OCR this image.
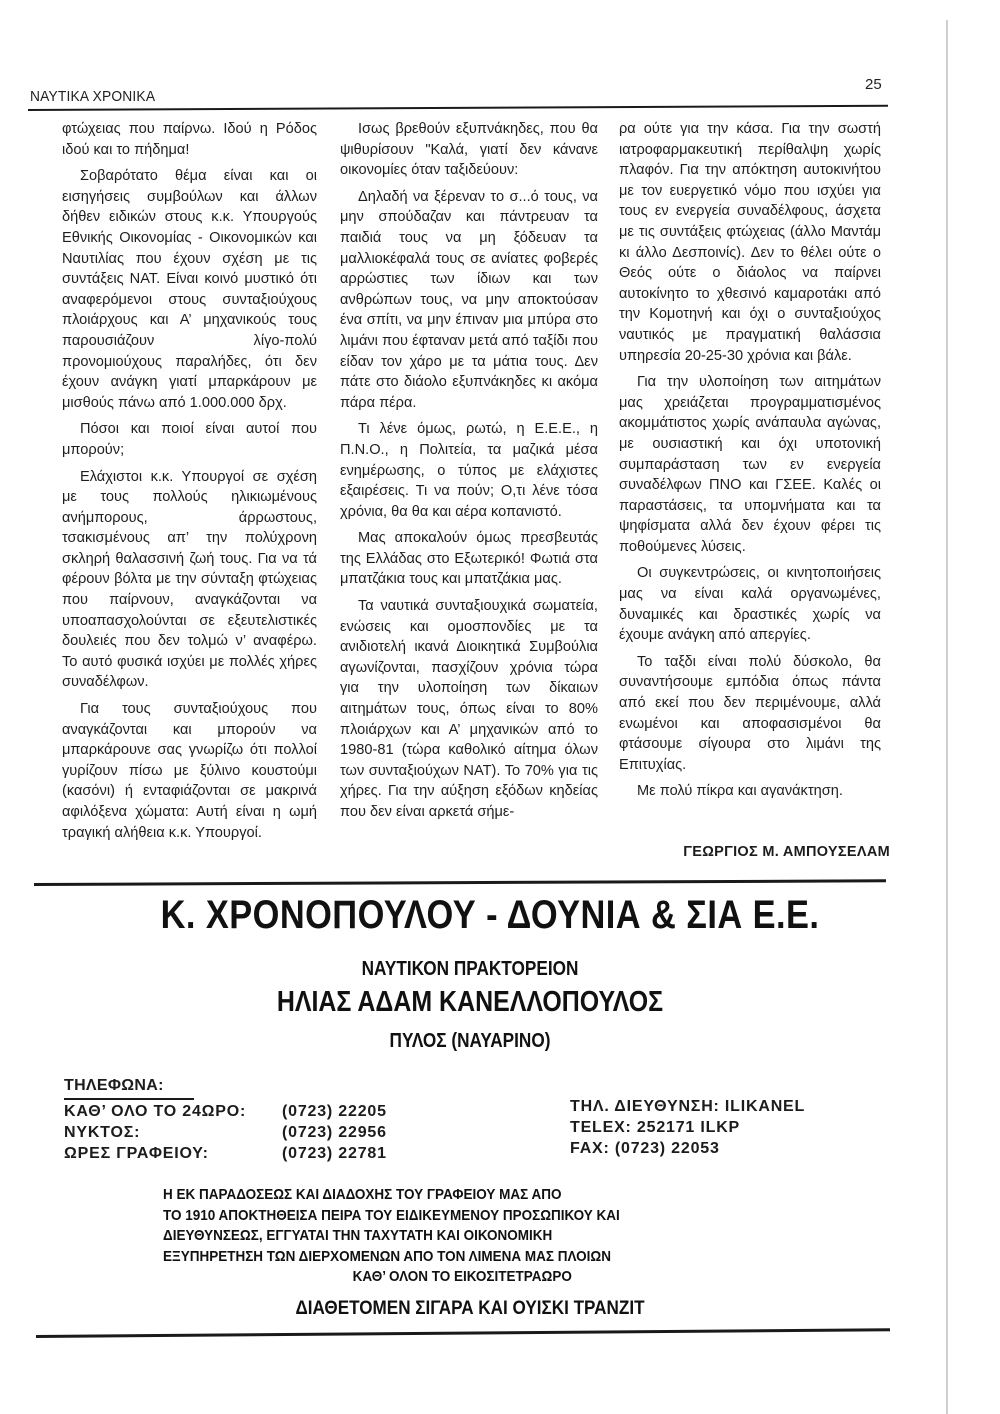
ΝΑΥΤΙΚΑ ΧΡΟΝΙΚΑ
25

φτώχειας που παίρνω. Ιδού η Ρόδος ιδού και το πήδημα!

Σοβαρότατο θέμα είναι και οι εισηγήσεις συμβούλων και άλλων δήθεν ειδικών στους κ.κ. Υπουργούς Εθνικής Οικονομίας - Οικονομικών και Ναυτιλίας που έχουν σχέση με τις συντάξεις ΝΑΤ. Είναι κοινό μυστικό ότι αναφερόμενοι στους συνταξιούχους πλοιάρχους και Α’ μηχανικούς τους παρουσιάζουν λίγο-πολύ προνομιούχους παραλήδες, ότι δεν έχουν ανάγκη γιατί μπαρκάρουν με μισθούς πάνω από 1.000.000 δρχ.

Πόσοι και ποιοί είναι αυτοί που μπορούν;

Ελάχιστοι κ.κ. Υπουργοί σε σχέση με τους πολλούς ηλικιωμένους ανήμπορους, άρρωστους, τσακισμένους απ’ την πολύχρονη σκληρή θαλασσινή ζωή τους. Για να τά φέρουν βόλτα με την σύνταξη φτώχειας που παίρνουν, αναγκάζονται να υποαπασχολούνται σε εξευτελιστικές δουλειές που δεν τολμώ ν’ αναφέρω. Το αυτό φυσικά ισχύει με πολλές χήρες συναδέλφων.

Για τους συνταξιούχους που αναγκάζονται και μπορούν να μπαρκάρουνε σας γνωρίζω ότι πολλοί γυρίζουν πίσω με ξύλινο κουστούμι (κασόνι) ή ενταφιάζονται σε μακρινά αφιλόξενα χώματα: Αυτή είναι η ωμή τραγική αλήθεια κ.κ. Υπουργοί.

Ισως βρεθούν εξυπνάκηδες, που θα ψιθυρίσουν "Καλά, γιατί δεν κάνανε οικονομίες όταν ταξιδεύουν:

Δηλαδή να ξέρεναν το σ...ό τους, να μην σπούδαζαν και πάντρευαν τα παιδιά τους να μη ξόδευαν τα μαλλιοκέφαλά τους σε ανίατες φοβερές αρρώστιες των ίδιων και των ανθρώπων τους, να μην αποκτούσαν ένα σπίτι, να μην έπιναν μια μπύρα στο λιμάνι που έφταναν μετά από ταξίδι που είδαν τον χάρο με τα μάτια τους. Δεν πάτε στο διάολο εξυπνάκηδες κι ακόμα πάρα πέρα.

Τι λένε όμως, ρωτώ, η Ε.Ε.Ε., η Π.Ν.Ο., η Πολιτεία, τα μαζικά μέσα ενημέρωσης, ο τύπος με ελάχιστες εξαιρέσεις. Τι να πούν; Ο,τι λένε τόσα χρόνια, θα θα και αέρα κοπανιστό.

Μας αποκαλούν όμως πρεσβευτάς της Ελλάδας στο Εξωτερικό! Φωτιά στα μπατζάκια τους και μπατζάκια μας.

Τα ναυτικά συνταξιουχικά σωματεία, ενώσεις και ομοσπονδίες με τα ανιδιοτελή ικανά Διοικητικά Συμβούλια αγωνίζονται, πασχίζουν χρόνια τώρα για την υλοποίηση των δίκαιων αιτημάτων τους, όπως είναι το 80% πλοιάρχων και Α’ μηχανικών από το 1980-81 (τώρα καθολικό αίτημα όλων των συνταξιούχων ΝΑΤ). Το 70% για τις χήρες. Για την αύξηση εξόδων κηδείας που δεν είναι αρκετά σήμε-

ρα ούτε για την κάσα. Για την σωστή ιατροφαρμακευτική περίθαλψη χωρίς πλαφόν. Για την απόκτηση αυτοκινήτου με τον ευεργετικό νόμο που ισχύει για τους εν ενεργεία συναδέλφους, άσχετα με τις συντάξεις φτώχειας (άλλο Μαντάμ κι άλλο Δεσποινίς). Δεν το θέλει ούτε ο Θεός ούτε ο διάολος να παίρνει αυτοκίνητο το χθεσινό καμαροτάκι από την Κομοτηνή και όχι ο συνταξιούχος ναυτικός με πραγματική θαλάσσια υπηρεσία 20-25-30 χρόνια και βάλε.

Για την υλοποίηση των αιτημάτων μας χρειάζεται προγραμματισμένος ακομμάτιστος χωρίς ανάπαυλα αγώνας, με ουσιαστική και όχι υποτονική συμπαράσταση των εν ενεργεία συναδέλφων ΠΝΟ και ΓΣΕΕ. Καλές οι παραστάσεις, τα υπομνήματα και τα ψηφίσματα αλλά δεν έχουν φέρει τις ποθούμενες λύσεις.

Οι συγκεντρώσεις, οι κινητοποιήσεις μας να είναι καλά οργανωμένες, δυναμικές και δραστικές χωρίς να έχουμε ανάγκη από απεργίες.

Το ταξδι είναι πολύ δύσκολο, θα συναντήσουμε εμπόδια όπως πάντα από εκεί που δεν περιμένουμε, αλλά ενωμένοι και αποφασισμένοι θα φτάσουμε σίγουρα στο λιμάνι της Επιτυχίας.

Με πολύ πίκρα και αγανάκτηση.

ΓΕΩΡΓΙΟΣ Μ. ΑΜΠΟΥΣΕΛΑΜ
Κ. ΧΡΟΝΟΠΟΥΛΟΥ - ΔΟΥΝΙΑ & ΣΙΑ Ε.Ε.
ΝΑΥΤΙΚΟΝ ΠΡΑΚΤΟΡΕΙΟΝ
ΗΛΙΑΣ ΑΔΑΜ ΚΑΝΕΛΛΟΠΟΥΛΟΣ
ΠΥΛΟΣ (ΝΑΥΑΡΙΝΟ)
ΤΗΛΕΦΩΝΑ:
ΚΑΘ’ ΟΛΟ ΤΟ 24ΩΡΟ: (0723) 22205
ΝΥΚΤΟΣ:	(0723) 22956
ΩΡΕΣ ΓΡΑΦΕΙΟΥ:	(0723) 22781
ΤΗΛ. ΔΙΕΥΘΥΝΣΗ: ILIKANEL
TELEX: 252171 ILKP
FAX: (0723) 22053
Η ΕΚ ΠΑΡΑΔΟΣΕΩΣ ΚΑΙ ΔΙΑΔΟΧΗΣ ΤΟΥ ΓΡΑΦΕΙΟΥ ΜΑΣ ΑΠΟ
ΤΟ 1910 ΑΠΟΚΤΗΘΕΙΣΑ ΠΕΙΡΑ ΤΟΥ ΕΙΔΙΚΕΥΜΕΝΟΥ ΠΡΟΣΩΠΙΚΟΥ ΚΑΙ
ΔΙΕΥΘΥΝΣΕΩΣ, ΕΓΓΥΑΤΑΙ ΤΗΝ ΤΑΧΥΤΑΤΗ ΚΑΙ ΟΙΚΟΝΟΜΙΚΗ
ΕΞΥΠΗΡΕΤΗΣΗ ΤΩΝ ΔΙΕΡΧΟΜΕΝΩΝ ΑΠΟ ΤΟΝ ΛΙΜΕΝΑ ΜΑΣ ΠΛΟΙΩΝ
ΚΑΘ’ ΟΛΟΝ ΤΟ ΕΙΚΟΣΙΤΕΤΡΑΩΡΟ
ΔΙΑΘΕΤΟΜΕΝ ΣΙΓΑΡΑ ΚΑΙ ΟΥΙΣΚΙ ΤΡΑΝΖΙΤ
